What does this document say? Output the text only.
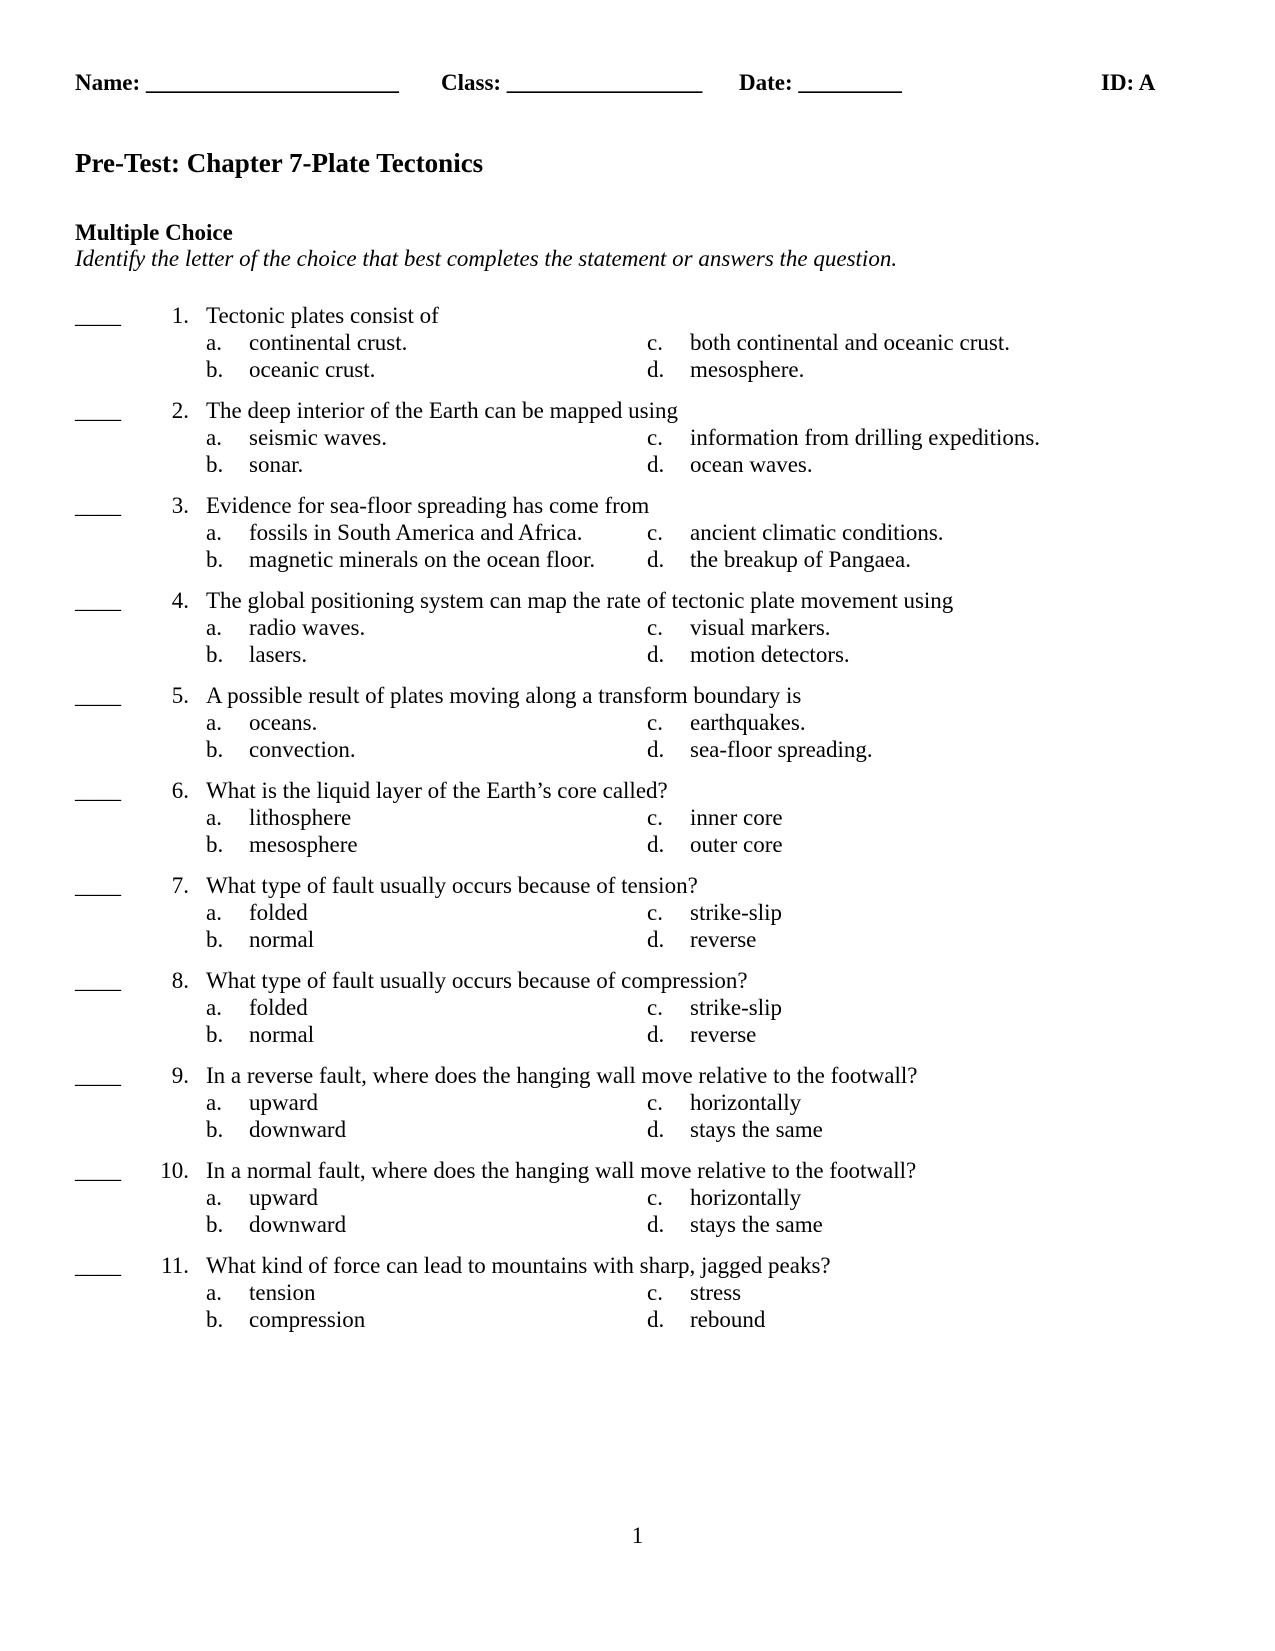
Name: ______________________ Class: _________________ Date: _________	ID: A
Pre-Test: Chapter 7-Plate Tectonics
Multiple Choice
Identify the letter of the choice that best completes the statement or answers the question.
____	1. Tectonic plates consist of
a. continental crust.
b. oceanic crust.
c. both continental and oceanic crust.
d. mesosphere.
____	2. The deep interior of the Earth can be mapped using
a. seismic waves.
b. sonar.
c. information from drilling expeditions.
d. ocean waves.
____	3. Evidence for sea-floor spreading has come from
a. fossils in South America and Africa.
b. magnetic minerals on the ocean floor.
c. ancient climatic conditions.
d. the breakup of Pangaea.
____	4. The global positioning system can map the rate of tectonic plate movement using
a. radio waves.
b. lasers.
c. visual markers.
d. motion detectors.
____	5. A possible result of plates moving along a transform boundary is
a. oceans.
b. convection.
c. earthquakes.
d. sea-floor spreading.
____	6. What is the liquid layer of the Earth’s core called?
a. lithosphere
b. mesosphere
c. inner core
d. outer core
____	7. What type of fault usually occurs because of tension?
a. folded
b. normal
c. strike-slip
d. reverse
____	8. What type of fault usually occurs because of compression?
a. folded
b. normal
c. strike-slip
d. reverse
____	9. In a reverse fault, where does the hanging wall move relative to the footwall?
a. upward
b. downward
c. horizontally
d. stays the same
____	10. In a normal fault, where does the hanging wall move relative to the footwall?
a. upward
b. downward
c. horizontally
d. stays the same
____	11. What kind of force can lead to mountains with sharp, jagged peaks?
a. tension
b. compression
c. stress
d. rebound
1
